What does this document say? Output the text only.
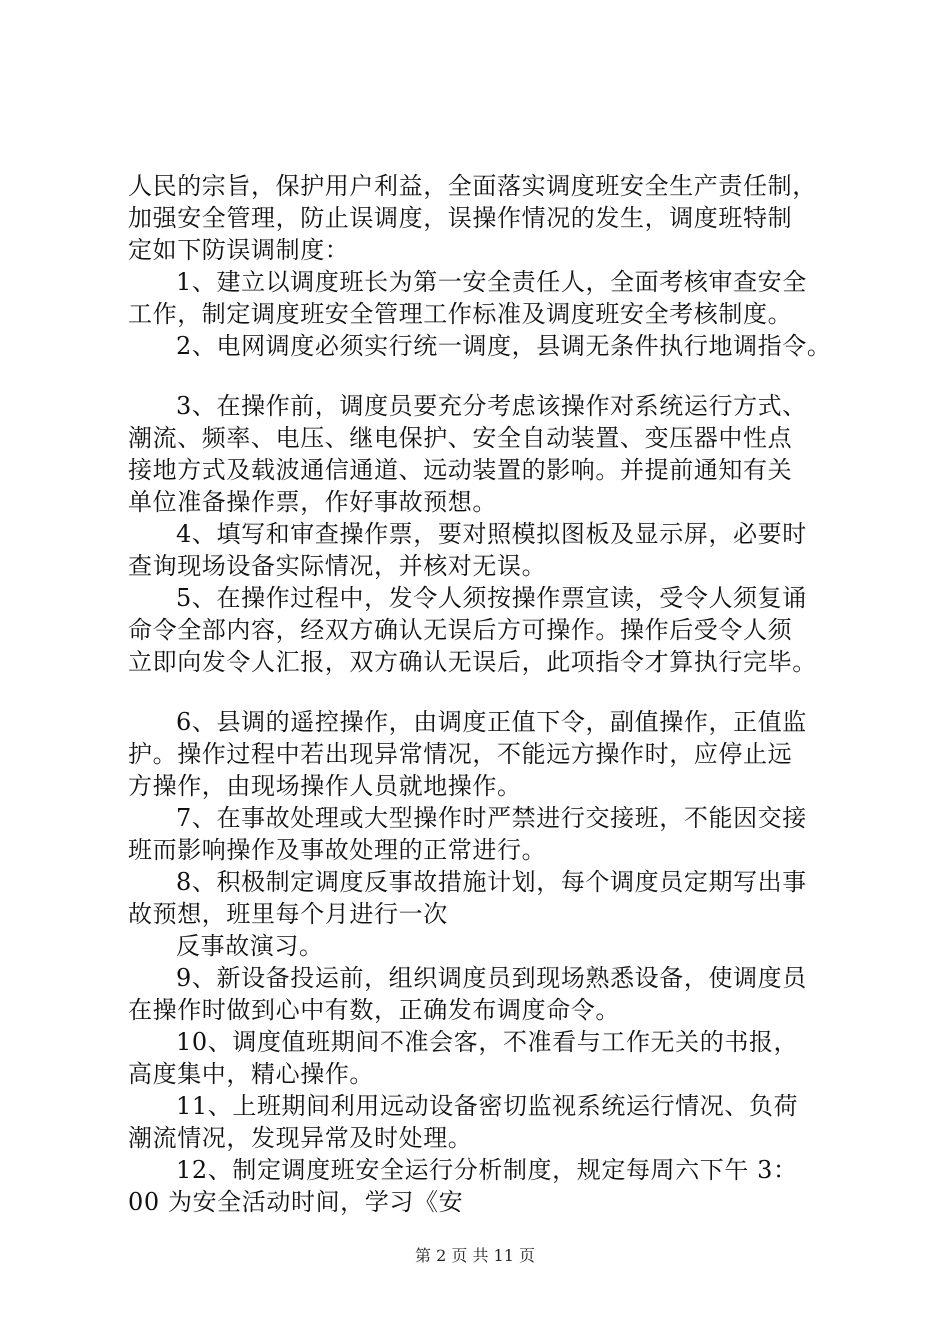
人民的宗旨，保护用户利益，全面落实调度班安全生产责任制，
加强安全管理，防止误调度，误操作情况的发生，调度班特制
定如下防误调制度：
1、建立以调度班长为第一安全责任人，全面考核审查安全
工作，制定调度班安全管理工作标准及调度班安全考核制度。
2、电网调度必须实行统一调度，县调无条件执行地调指令。
3、在操作前，调度员要充分考虑该操作对系统运行方式、
潮流、频率、电压、继电保护、安全自动装置、变压器中性点
接地方式及载波通信通道、远动装置的影响。并提前通知有关
单位准备操作票，作好事故预想。
4、填写和审查操作票，要对照模拟图板及显示屏，必要时
查询现场设备实际情况，并核对无误。
5、在操作过程中，发令人须按操作票宣读，受令人须复诵
命令全部内容，经双方确认无误后方可操作。操作后受令人须
立即向发令人汇报，双方确认无误后，此项指令才算执行完毕。
6、县调的遥控操作，由调度正值下令，副值操作，正值监
护。操作过程中若出现异常情况，不能远方操作时，应停止远
方操作，由现场操作人员就地操作。
7、在事故处理或大型操作时严禁进行交接班，不能因交接
班而影响操作及事故处理的正常进行。
8、积极制定调度反事故措施计划，每个调度员定期写出事
故预想，班里每个月进行一次
反事故演习。
9、新设备投运前，组织调度员到现场熟悉设备，使调度员
在操作时做到心中有数，正确发布调度命令。
10、调度值班期间不准会客，不准看与工作无关的书报，
高度集中，精心操作。
11、上班期间利用远动设备密切监视系统运行情况、负荷
潮流情况，发现异常及时处理。
12、制定调度班安全运行分析制度，规定每周六下午 3：
00 为安全活动时间，学习《安
第 2 页 共 11 页
